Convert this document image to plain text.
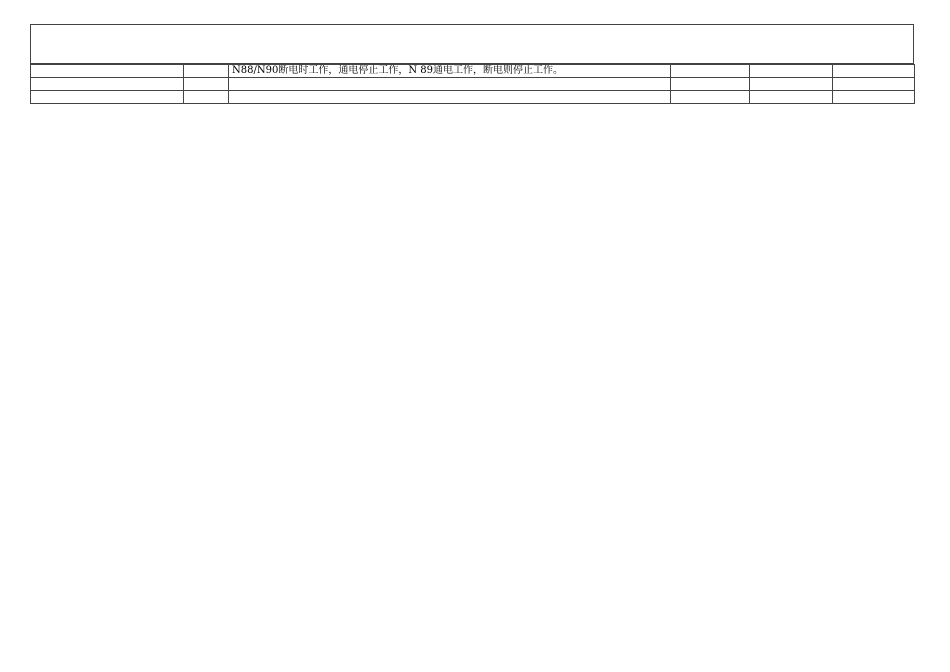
		N88/N90断电时工作，通电停止工作，N 89通电工作，断电则停止工作。			
